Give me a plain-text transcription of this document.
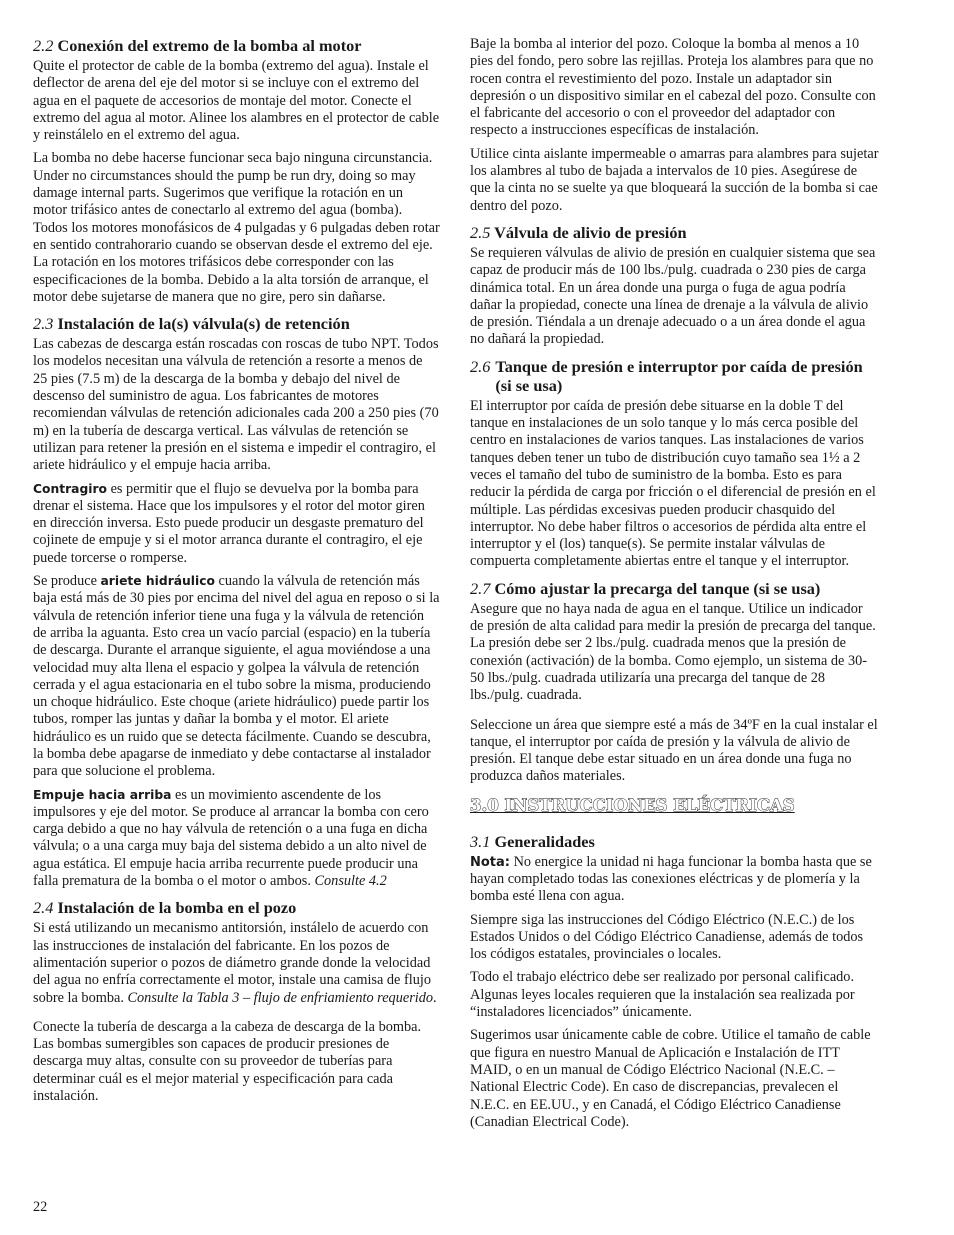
2.2 Conexión del extremo de la bomba al motor

Quite el protector de cable de la bomba (extremo del agua). Instale el deflector de arena del eje del motor si se incluye con el extremo del agua en el paquete de accesorios de montaje del motor. Conecte el extremo del agua al motor. Alinee los alambres en el protector de cable y reinstálelo en el extremo del agua.

La bomba no debe hacerse funcionar seca bajo ninguna circunstancia. Under no circumstances should the pump be run dry, doing so may damage internal parts. Sugerimos que verifique la rotación en un motor trifásico antes de conectarlo al extremo del agua (bomba). Todos los motores monofásicos de 4 pulgadas y 6 pulgadas deben rotar en sentido contrahorario cuando se observan desde el extremo del eje. La rotación en los motores trifásicos debe corresponder con las especificaciones de la bomba. Debido a la alta torsión de arranque, el motor debe sujetarse de manera que no gire, pero sin dañarse.

2.3 Instalación de la(s) válvula(s) de retención

Las cabezas de descarga están roscadas con roscas de tubo NPT. Todos los modelos necesitan una válvula de retención a resorte a menos de 25 pies (7.5 m) de la descarga de la bomba y debajo del nivel de descenso del suministro de agua. Los fabricantes de motores recomiendan válvulas de retención adicionales cada 200 a 250 pies (70 m) en la tubería de descarga vertical. Las válvulas de retención se utilizan para retener la presión en el sistema e impedir el contragiro, el ariete hidráulico y el empuje hacia arriba.

Contragiro es permitir que el flujo se devuelva por la bomba para drenar el sistema. Hace que los impulsores y el rotor del motor giren en dirección inversa. Esto puede producir un desgaste prematuro del cojinete de empuje y si el motor arranca durante el contragiro, el eje puede torcerse o romperse.

Se produce ariete hidráulico cuando la válvula de retención más baja está más de 30 pies por encima del nivel del agua en reposo o si la válvula de retención inferior tiene una fuga y la válvula de retención de arriba la aguanta. Esto crea un vacío parcial (espacio) en la tubería de descarga. Durante el arranque siguiente, el agua moviéndose a una velocidad muy alta llena el espacio y golpea la válvula de retención cerrada y el agua estacionaria en el tubo sobre la misma, produciendo un choque hidráulico. Este choque (ariete hidráulico) puede partir los tubos, romper las juntas y dañar la bomba y el motor. El ariete hidráulico es un ruido que se detecta fácilmente. Cuando se descubra, la bomba debe apagarse de inmediato y debe contactarse al instalador para que solucione el problema.

Empuje hacia arriba es un movimiento ascendente de los impulsores y eje del motor. Se produce al arrancar la bomba con cero carga debido a que no hay válvula de retención o a una fuga en dicha válvula; o a una carga muy baja del sistema debido a un alto nivel de agua estática. El empuje hacia arriba recurrente puede producir una falla prematura de la bomba o el motor o ambos. Consulte 4.2

2.4 Instalación de la bomba en el pozo

Si está utilizando un mecanismo antitorsión, instálelo de acuerdo con las instrucciones de instalación del fabricante. En los pozos de alimentación superior o pozos de diámetro grande donde la velocidad del agua no enfría correctamente el motor, instale una camisa de flujo sobre la bomba. Consulte la Tabla 3 – flujo de enfriamiento requerido.

Conecte la tubería de descarga a la cabeza de descarga de la bomba. Las bombas sumergibles son capaces de producir presiones de descarga muy altas, consulte con su proveedor de tuberías para determinar cuál es el mejor material y especificación para cada instalación.

Baje la bomba al interior del pozo. Coloque la bomba al menos a 10 pies del fondo, pero sobre las rejillas. Proteja los alambres para que no rocen contra el revestimiento del pozo. Instale un adaptador sin depresión o un dispositivo similar en el cabezal del pozo. Consulte con el fabricante del accesorio o con el proveedor del adaptador con respecto a instrucciones específicas de instalación.

Utilice cinta aislante impermeable o amarras para alambres para sujetar los alambres al tubo de bajada a intervalos de 10 pies. Asegúrese de que la cinta no se suelte ya que bloqueará la succión de la bomba si cae dentro del pozo.

2.5 Válvula de alivio de presión

Se requieren válvulas de alivio de presión en cualquier sistema que sea capaz de producir más de 100 lbs./pulg. cuadrada o 230 pies de carga dinámica total. En un área donde una purga o fuga de agua podría dañar la propiedad, conecte una línea de drenaje a la válvula de alivio de presión. Tiéndala a un drenaje adecuado o a un área donde el agua no dañará la propiedad.

2.6 Tanque de presión e interruptor por caída de presión (si se usa)

El interruptor por caída de presión debe situarse en la doble T del tanque en instalaciones de un solo tanque y lo más cerca posible del centro en instalaciones de varios tanques. Las instalaciones de varios tanques deben tener un tubo de distribución cuyo tamaño sea 1½ a 2 veces el tamaño del tubo de suministro de la bomba. Esto es para reducir la pérdida de carga por fricción o el diferencial de presión en el múltiple. Las pérdidas excesivas pueden producir chasquido del interruptor. No debe haber filtros o accesorios de pérdida alta entre el interruptor y el (los) tanque(s). Se permite instalar válvulas de compuerta completamente abiertas entre el tanque y el interruptor.

2.7 Cómo ajustar la precarga del tanque (si se usa)

Asegure que no haya nada de agua en el tanque. Utilice un indicador de presión de alta calidad para medir la presión de precarga del tanque. La presión debe ser 2 lbs./pulg. cuadrada menos que la presión de conexión (activación) de la bomba. Como ejemplo, un sistema de 30-50 lbs./pulg. cuadrada utilizaría una precarga del tanque de 28 lbs./pulg. cuadrada.

Seleccione un área que siempre esté a más de 34ºF en la cual instalar el tanque, el interruptor por caída de presión y la válvula de alivio de presión. El tanque debe estar situado en un área donde una fuga no produzca daños materiales.

3.0 INSTRUCCIONES ELÉCTRICAS
3.1 Generalidades

Nota: No energice la unidad ni haga funcionar la bomba hasta que se hayan completado todas las conexiones eléctricas y de plomería y la bomba esté llena con agua.

Siempre siga las instrucciones del Código Eléctrico (N.E.C.) de los Estados Unidos o del Código Eléctrico Canadiense, además de todos los códigos estatales, provinciales o locales.

Todo el trabajo eléctrico debe ser realizado por personal calificado. Algunas leyes locales requieren que la instalación sea realizada por “instaladores licenciados” únicamente.

Sugerimos usar únicamente cable de cobre. Utilice el tamaño de cable que figura en nuestro Manual de Aplicación e Instalación de ITT MAID, o en un manual de Código Eléctrico Nacional (N.E.C. – National Electric Code). En caso de discrepancias, prevalecen el N.E.C. en EE.UU., y en Canadá, el Código Eléctrico Canadiense (Canadian Electrical Code).

22
